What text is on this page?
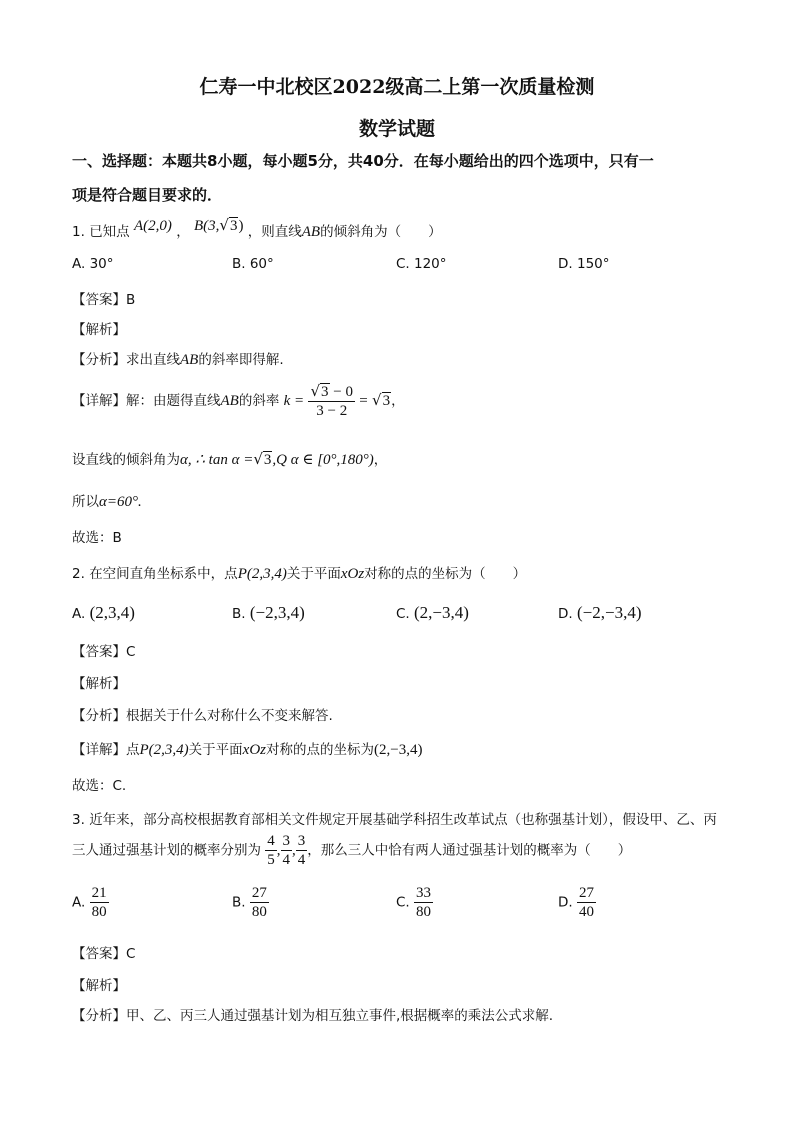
仁寿一中北校区2022级高二上第一次质量检测
数学试题
一、选择题：本题共8小题，每小题5分，共40分．在每小题给出的四个选项中，只有一
项是符合题目要求的．
1. 已知点 A(2,0) ， B(3,√3) ，则直线AB的倾斜角为（　　）
A. 30°	B. 60°	C. 120°	D. 150°
【答案】B
【解析】
【分析】求出直线AB的斜率即得解.
【详解】解：由题得直线AB的斜率 $k = \frac{√3 - 0}{3 - 2} = √3$，
设直线的倾斜角为α, ∴ tan α =√3,Q α ∈ [0°,180°)，
所以α=60°.
故选：B
2. 在空间直角坐标系中，点P(2,3,4)关于平面xOz对称的点的坐标为（　　）
A. (2,3,4)	B. (−2,3,4)	C. (2,−3,4)	D. (−2,−3,4)
【答案】C
【解析】
【分析】根据关于什么对称什么不变来解答.
【详解】点P(2,3,4)关于平面xOz对称的点的坐标为(2,−3,4)
故选：C.
3. 近年来，部分高校根据教育部相关文件规定开展基础学科招生改革试点（也称强基计划），假设甲、乙、丙
三人通过强基计划的概率分别为 $\frac{4}{5}$ , $\frac{3}{4}$ , $\frac{3}{4}$ ，那么三人中恰有两人通过强基计划的概率为（　　）
A. $\frac{21}{80}$	B. $\frac{27}{80}$	C. $\frac{33}{80}$	D. $\frac{27}{40}$
【答案】C
【解析】
【分析】甲、乙、丙三人通过强基计划为相互独立事件,根据概率的乘法公式求解.
